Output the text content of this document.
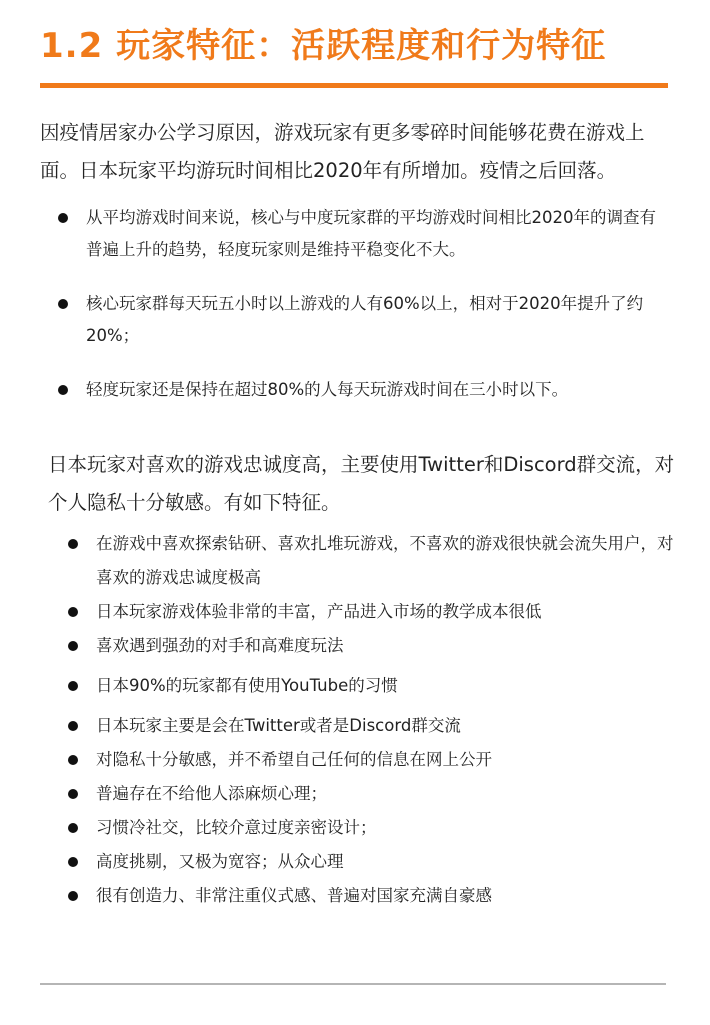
1.2 玩家特征：活跃程度和行为特征

因疫情居家办公学习原因，游戏玩家有更多零碎时间能够花费在游戏上面。日本玩家平均游玩时间相比2020年有所增加。疫情之后回落。

从平均游戏时间来说，核心与中度玩家群的平均游戏时间相比2020年的调查有普遍上升的趋势，轻度玩家则是维持平稳变化不大。
核心玩家群每天玩五小时以上游戏的人有60%以上，相对于2020年提升了约20%；
轻度玩家还是保持在超过80%的人每天玩游戏时间在三小时以下。

日本玩家对喜欢的游戏忠诚度高，主要使用Twitter和Discord群交流，对个人隐私十分敏感。有如下特征。

在游戏中喜欢探索钻研、喜欢扎堆玩游戏，不喜欢的游戏很快就会流失用户，对喜欢的游戏忠诚度极高
日本玩家游戏体验非常的丰富，产品进入市场的教学成本很低
喜欢遇到强劲的对手和高难度玩法
日本90%的玩家都有使用YouTube的习惯
日本玩家主要是会在Twitter或者是Discord群交流
对隐私十分敏感，并不希望自己任何的信息在网上公开
普遍存在不给他人添麻烦心理；
习惯冷社交，比较介意过度亲密设计；
高度挑剔，又极为宽容；从众心理
很有创造力、非常注重仪式感、普遍对国家充满自豪感
